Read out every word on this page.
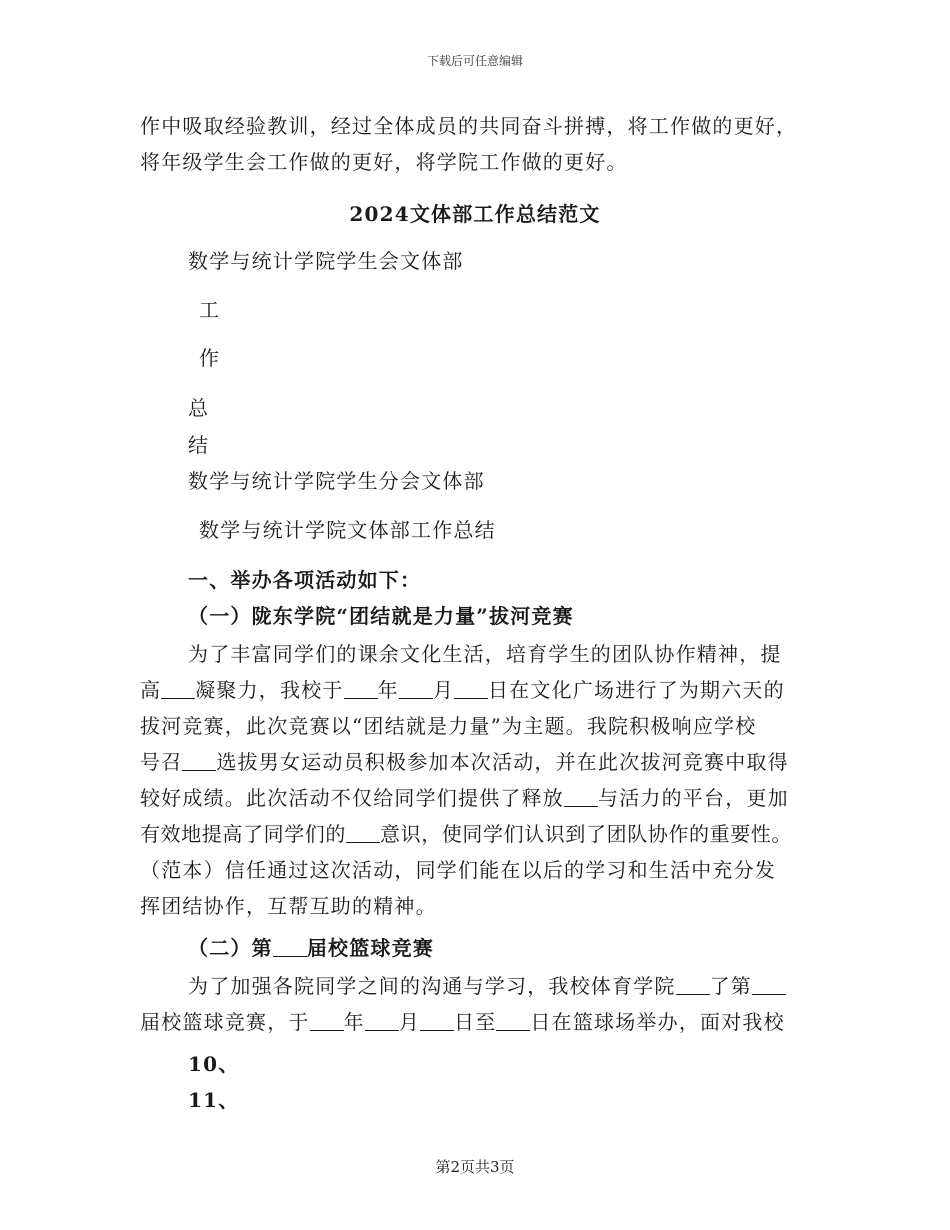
下载后可任意编辑
作中吸取经验教训，经过全体成员的共同奋斗拼搏，将工作做的更好，
将年级学生会工作做的更好，将学院工作做的更好。
2024文体部工作总结范文
数学与统计学院学生会文体部
工
作
总
结
数学与统计学院学生分会文体部
数学与统计学院文体部工作总结
一、举办各项活动如下：
（一）陇东学院“团结就是力量”拔河竞赛
为了丰富同学们的课余文化生活，培育学生的团队协作精神，提
高 凝聚力，我校于 年 月 日在文化广场进行了为期六天的
拔河竞赛，此次竞赛以“团结就是力量”为主题。我院积极响应学校
号召 选拔男女运动员积极参加本次活动，并在此次拔河竞赛中取得
较好成绩。此次活动不仅给同学们提供了释放 与活力的平台，更加
有效地提高了同学们的 意识，使同学们认识到了团队协作的重要性。
（范本）信任通过这次活动，同学们能在以后的学习和生活中充分发
挥团结协作，互帮互助的精神。
（二）第 届校篮球竞赛
为了加强各院同学之间的沟通与学习，我校体育学院 了第
届校篮球竞赛，于 年 月 日至 日在篮球场举办，面对我校
10、
11、
第2页共3页
